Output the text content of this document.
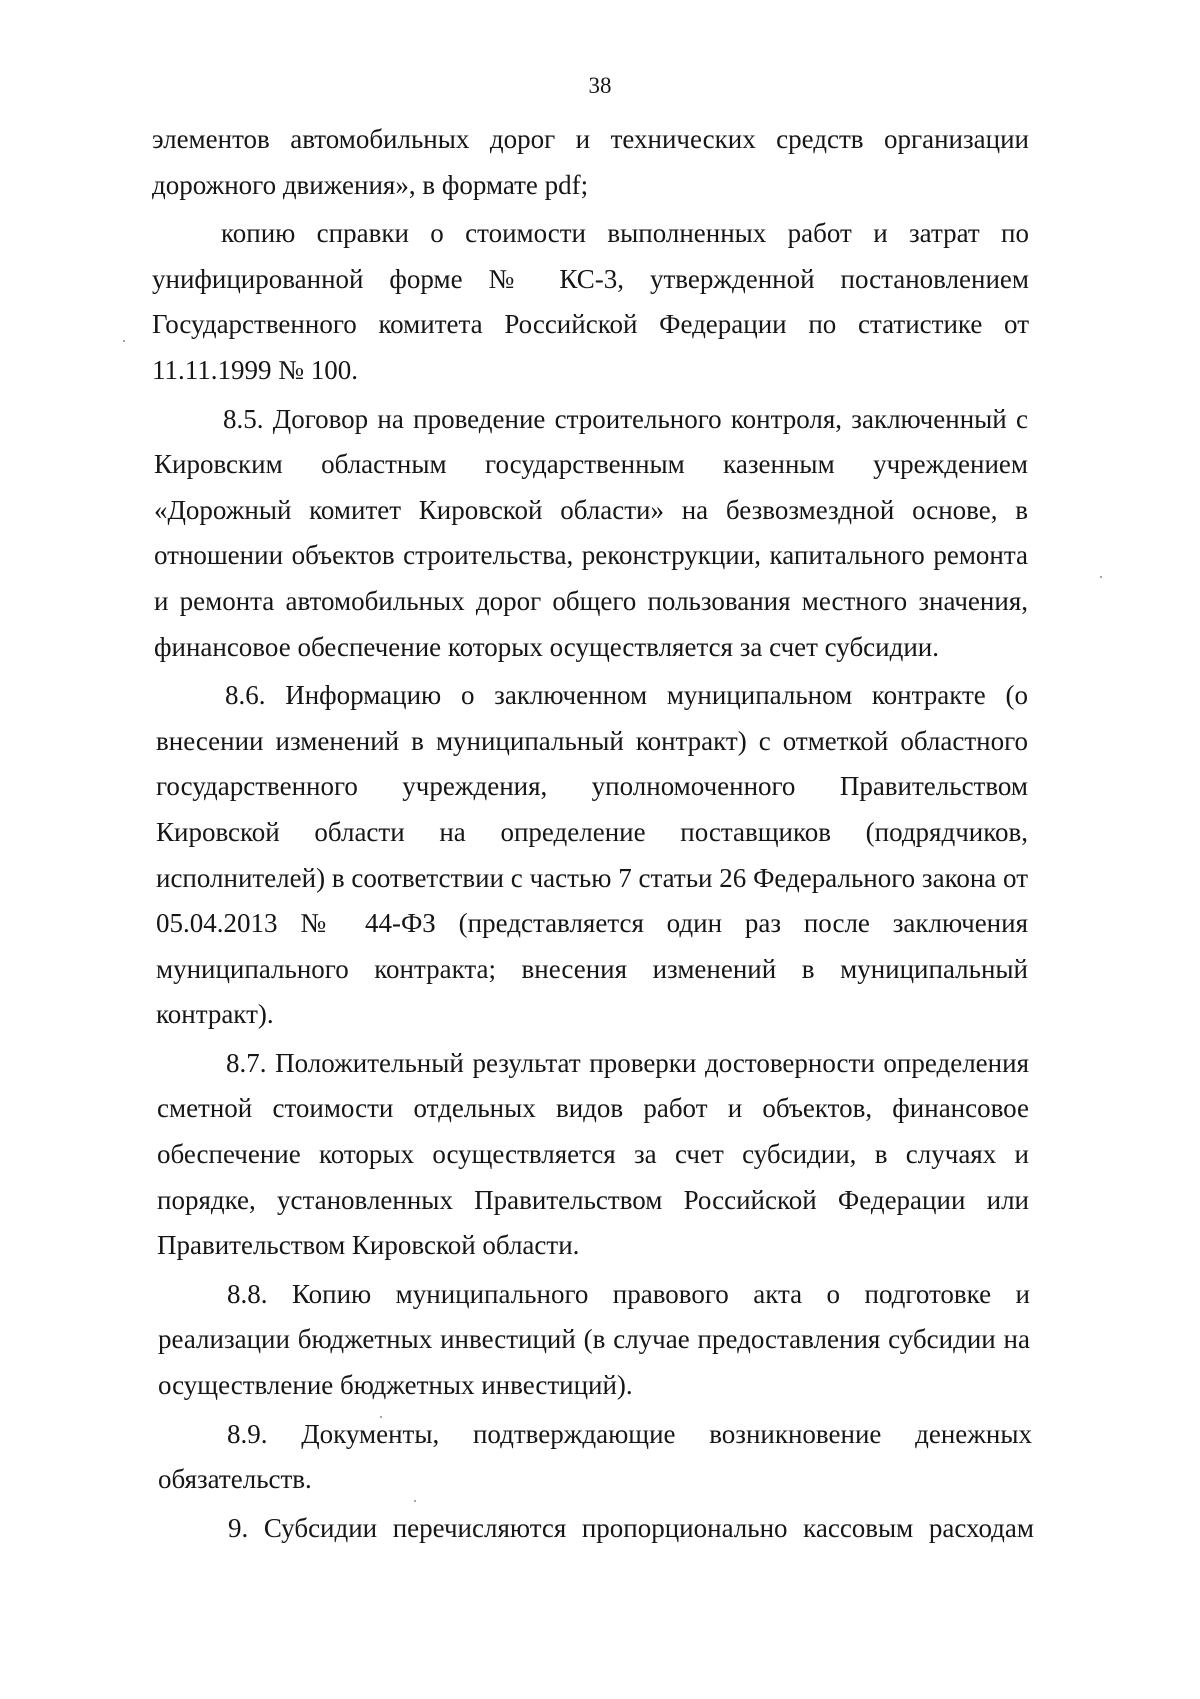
38

элементов автомобильных дорог и технических средств организации дорожного движения», в формате pdf;

копию справки о стоимости выполненных работ и затрат по унифицированной форме № КС-3, утвержденной постановлением Государственного комитета Российской Федерации по статистике от 11.11.1999 № 100.

8.5. Договор на проведение строительного контроля, заключенный с Кировским областным государственным казенным учреждением «Дорожный комитет Кировской области» на безвозмездной основе, в отношении объектов строительства, реконструкции, капитального ремонта и ремонта автомобильных дорог общего пользования местного значения, финансовое обеспечение которых осуществляется за счет субсидии.

8.6. Информацию о заключенном муниципальном контракте (о внесении изменений в муниципальный контракт) с отметкой областного государственного учреждения, уполномоченного Правительством Кировской области на определение поставщиков (подрядчиков, исполнителей) в соответствии с частью 7 статьи 26 Федерального закона от 05.04.2013 № 44-ФЗ (представляется один раз после заключения муниципального контракта; внесения изменений в муниципальный контракт).

8.7. Положительный результат проверки достоверности определения сметной стоимости отдельных видов работ и объектов, финансовое обеспечение которых осуществляется за счет субсидии, в случаях и порядке, установленных Правительством Российской Федерации или Правительством Кировской области.

8.8. Копию муниципального правового акта о подготовке и реализации бюджетных инвестиций (в случае предоставления субсидии на осуществление бюджетных инвестиций).

8.9. Документы, подтверждающие возникновение денежных обязательств.

9. Субсидии перечисляются пропорционально кассовым расходам
